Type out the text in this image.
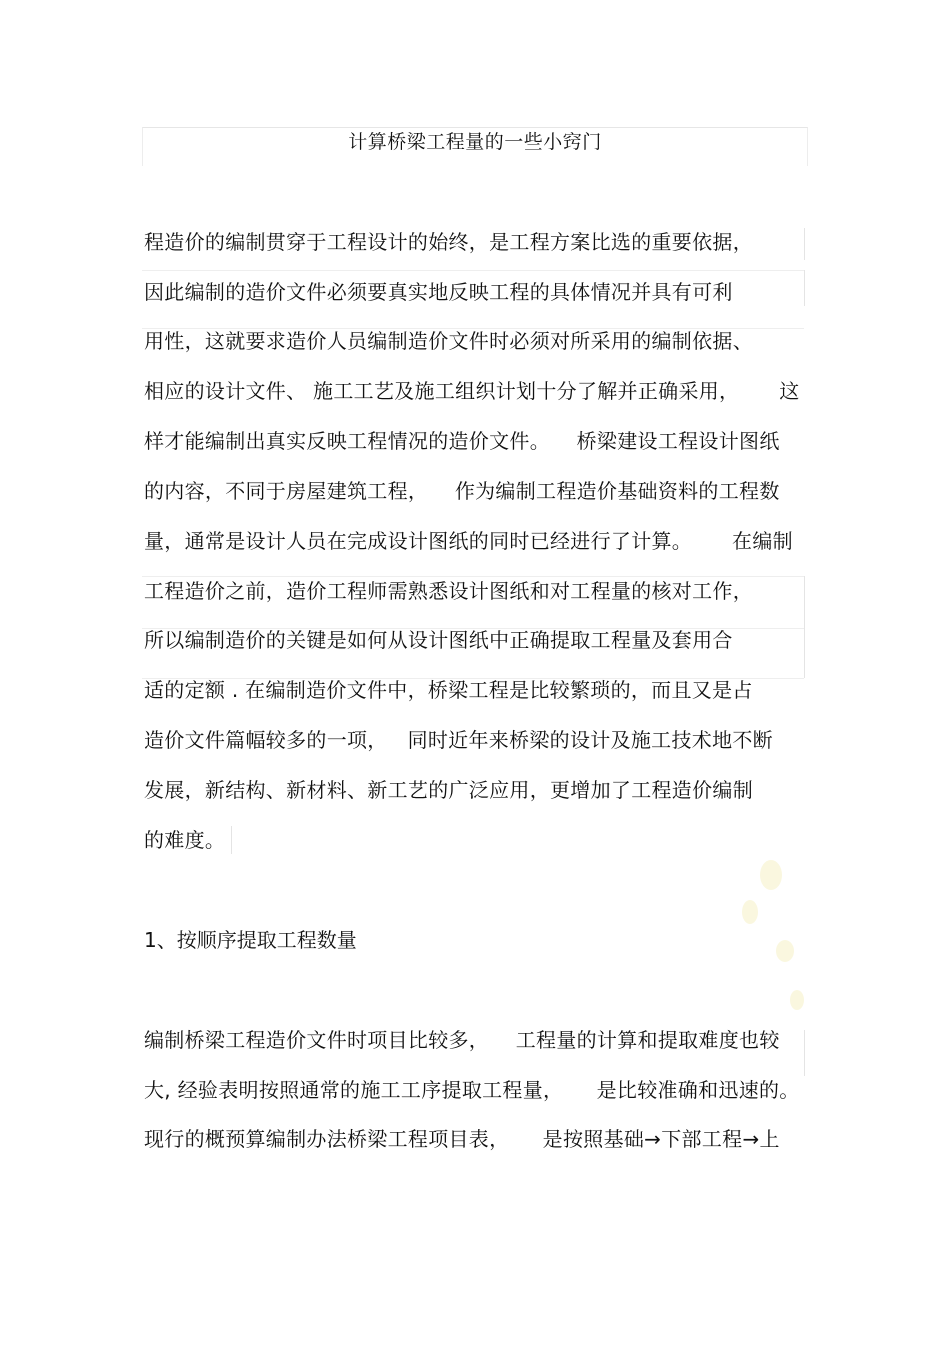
计算桥梁工程量的一些小窍门
程造价的编制贯穿于工程设计的始终，是工程方案比选的重要依据，
因此编制的造价文件必须要真实地反映工程的具体情况并具有可利
用性，这就要求造价人员编制造价文件时必须对所采用的编制依据、
相应的设计文件、 施工工艺及施工组织计划十分了解并正确采用，      这
样才能编制出真实反映工程情况的造价文件。    桥梁建设工程设计图纸
的内容，不同于房屋建筑工程，    作为编制工程造价基础资料的工程数
量，通常是设计人员在完成设计图纸的同时已经进行了计算。      在编制
工程造价之前，造价工程师需熟悉设计图纸和对工程量的核对工作，
所以编制造价的关键是如何从设计图纸中正确提取工程量及套用合
适的定额 . 在编制造价文件中，桥梁工程是比较繁琐的，而且又是占
造价文件篇幅较多的一项，   同时近年来桥梁的设计及施工技术地不断
发展，新结构、新材料、新工艺的广泛应用，更增加了工程造价编制
的难度。
1、按顺序提取工程数量
编制桥梁工程造价文件时项目比较多，    工程量的计算和提取难度也较
大, 经验表明按照通常的施工工序提取工程量，     是比较准确和迅速的。
现行的概预算编制办法桥梁工程项目表，     是按照基础→下部工程→上
